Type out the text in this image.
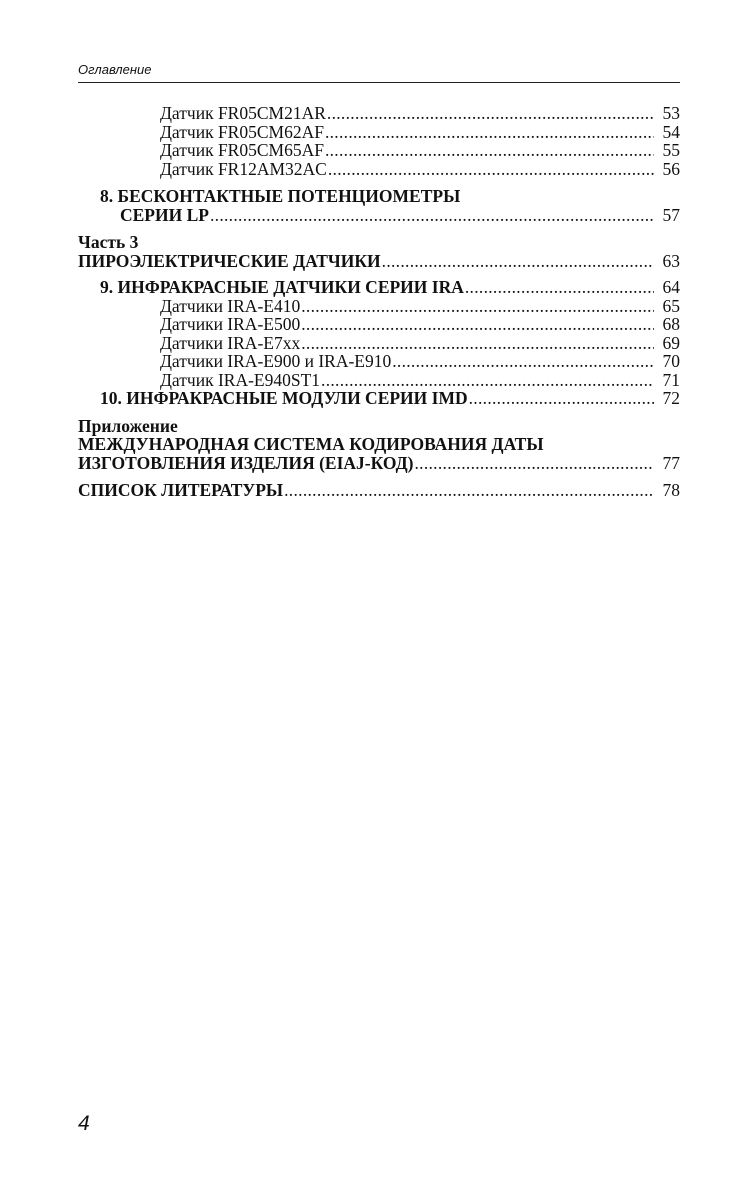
Оглавление
Датчик FR05CM21AR .....	53
Датчик FR05CM62AF .....	54
Датчик FR05CM65AF .....	55
Датчик FR12AM32AC .....	56
8. БЕСКОНТАКТНЫЕ ПОТЕНЦИОМЕТРЫ
СЕРИИ LP .....	57
Часть 3
ПИРОЭЛЕКТРИЧЕСКИЕ ДАТЧИКИ .....	63
9. ИНФРАКРАСНЫЕ ДАТЧИКИ СЕРИИ IRA .....	64
Датчики IRA-E410 .....	65
Датчики IRA-E500 .....	68
Датчики IRA-E7xx .....	69
Датчики IRA-E900 и IRA-E910 .....	70
Датчик IRA-E940ST1 .....	71
10. ИНФРАКРАСНЫЕ МОДУЛИ СЕРИИ IMD .....	72
Приложение
МЕЖДУНАРОДНАЯ СИСТЕМА КОДИРОВАНИЯ ДАТЫ
ИЗГОТОВЛЕНИЯ ИЗДЕЛИЯ (EIAJ-КОД) .....	77
СПИСОК ЛИТЕРАТУРЫ .....	78
4
